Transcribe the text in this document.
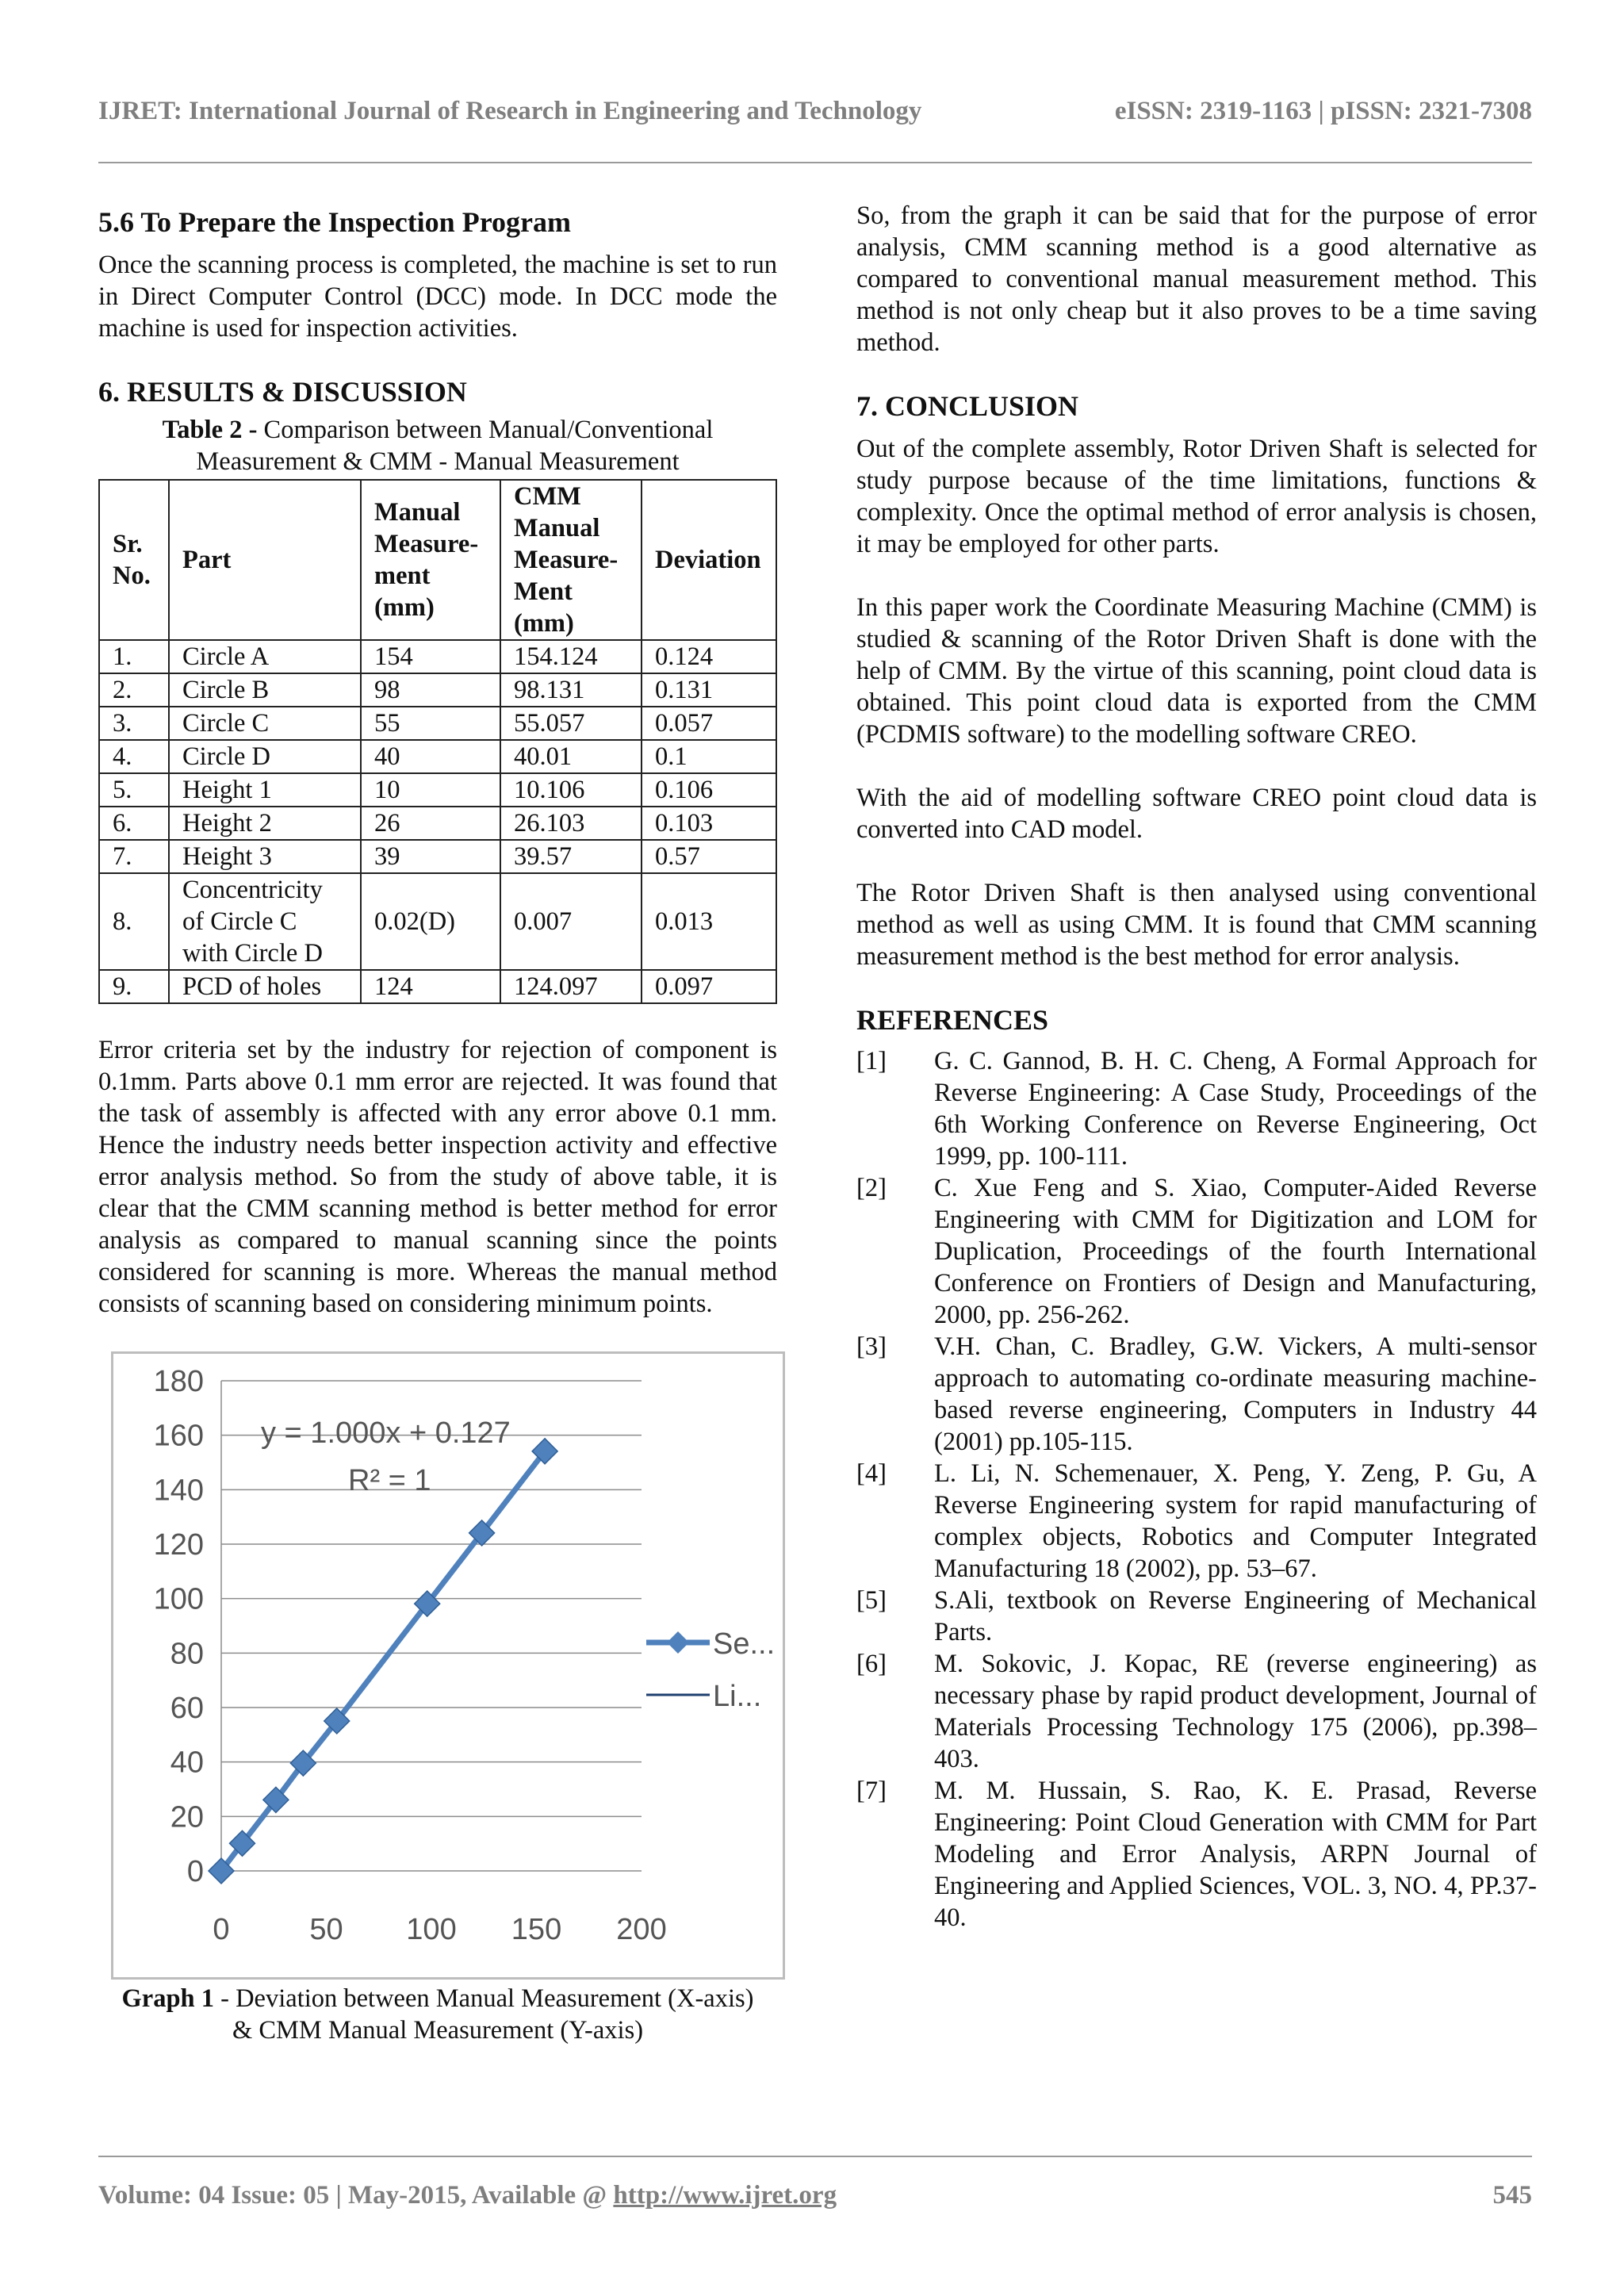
IJRET: International Journal of Research in Engineering and Technology	eISSN: 2319-1163 | pISSN: 2321-7308
5.6 To Prepare the Inspection Program

Once the scanning process is completed, the machine is set to run in Direct Computer Control (DCC) mode. In DCC mode the machine is used for inspection activities.

6. RESULTS & DISCUSSION
Table 2 - Comparison between Manual/Conventional
Measurement & CMM - Manual Measurement
Sr. No.	Part	Manual Measure- ment (mm)	CMM Manual Measure- Ment (mm)	Deviation
1.	Circle A	154	154.124	0.124
2.	Circle B	98	98.131	0.131
3.	Circle C	55	55.057	0.057
4.	Circle D	40	40.01	0.1
5.	Height 1	10	10.106	0.106
6.	Height 2	26	26.103	0.103
7.	Height 3	39	39.57	0.57
8.	Concentricity of Circle C with Circle D	0.02(D)	0.007	0.013
9.	PCD of holes	124	124.097	0.097

Error criteria set by the industry for rejection of component is 0.1mm. Parts above 0.1 mm error are rejected. It was found that the task of assembly is affected with any error above 0.1 mm. Hence the industry needs better inspection activity and effective error analysis method. So from the study of above table, it is clear that the CMM scanning method is better method for error analysis as compared to manual scanning since the points considered for scanning is more. Whereas the manual method consists of scanning based on considering minimum points.

0
20
40
60
80
100
120
140
160
180
0	50 100 150 200
y = 1.000x + 0.127
R² = 1
Se...
Li...
Graph 1 - Deviation between Manual Measurement (X-axis)
& CMM Manual Measurement (Y-axis)

So, from the graph it can be said that for the purpose of error analysis, CMM scanning method is a good alternative as compared to conventional manual measurement method. This method is not only cheap but it also proves to be a time saving method.

7. CONCLUSION

Out of the complete assembly, Rotor Driven Shaft is selected for study purpose because of the time limitations, functions & complexity. Once the optimal method of error analysis is chosen, it may be employed for other parts.

In this paper work the Coordinate Measuring Machine (CMM) is studied & scanning of the Rotor Driven Shaft is done with the help of CMM. By the virtue of this scanning, point cloud data is obtained. This point cloud data is exported from the CMM (PCDMIS software) to the modelling software CREO.

With the aid of modelling software CREO point cloud data is converted into CAD model.

The Rotor Driven Shaft is then analysed using conventional method as well as using CMM. It is found that CMM scanning measurement method is the best method for error analysis.

REFERENCES
[1]	G. C. Gannod, B. H. C. Cheng, A Formal Approach for Reverse Engineering: A Case Study, Proceedings of the 6th Working Conference on Reverse Engineering, Oct 1999, pp. 100-111.
[2]	C. Xue Feng and S. Xiao, Computer-Aided Reverse Engineering with CMM for Digitization and LOM for Duplication, Proceedings of the fourth International Conference on Frontiers of Design and Manufacturing, 2000, pp. 256-262.
[3]	V.H. Chan, C. Bradley, G.W. Vickers, A multi-sensor approach to automating co-ordinate measuring machine-based reverse engineering, Computers in Industry 44 (2001) pp.105-115.
[4]	L. Li, N. Schemenauer, X. Peng, Y. Zeng, P. Gu, A Reverse Engineering system for rapid manufacturing of complex objects, Robotics and Computer Integrated Manufacturing 18 (2002), pp. 53–67.
[5]	S.Ali, textbook on Reverse Engineering of Mechanical Parts.
[6]	M. Sokovic, J. Kopac, RE (reverse engineering) as necessary phase by rapid product development, Journal of Materials Processing Technology 175 (2006), pp.398–403.
[7]	M. M. Hussain, S. Rao, K. E. Prasad, Reverse Engineering: Point Cloud Generation with CMM for Part Modeling and Error Analysis, ARPN Journal of Engineering and Applied Sciences, VOL. 3, NO. 4, PP.37-40.
Volume: 04 Issue: 05 | May-2015, Available @ http://www.ijret.org	545
